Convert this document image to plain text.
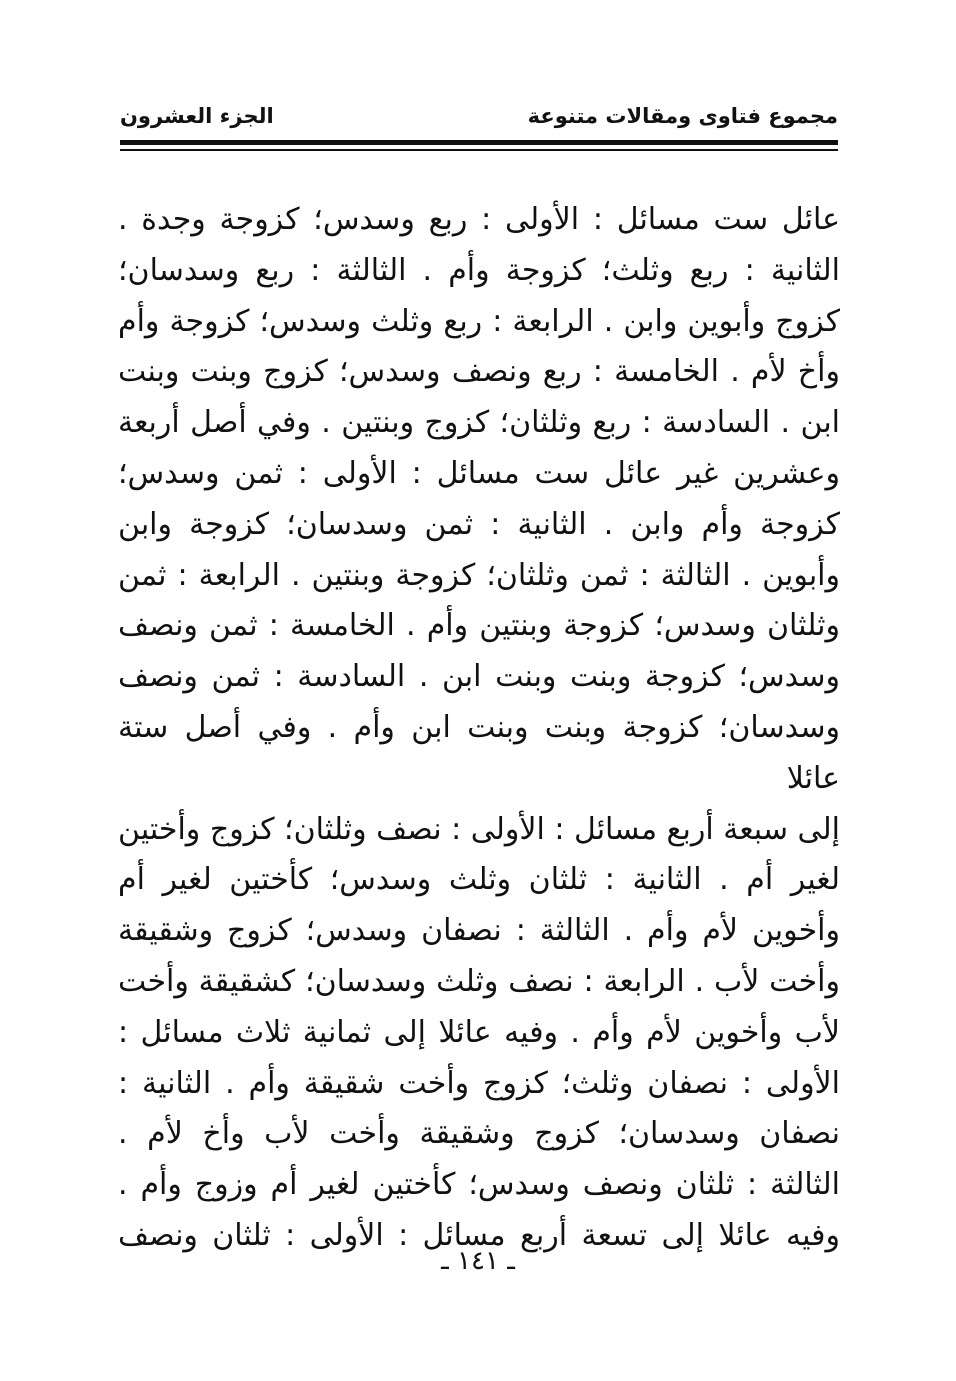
مجموع فتاوى ومقالات متنوعة
الجزء العشرون

عائل ست مسائل : الأولى : ربع وسدس؛ كزوجة وجدة .

الثانية : ربع وثلث؛ كزوجة وأم . الثالثة : ربع وسدسان؛

كزوج وأبوين وابن . الرابعة : ربع وثلث وسدس؛ كزوجة وأم

وأخ لأم . الخامسة : ربع ونصف وسدس؛ كزوج وبنت وبنت

ابن . السادسة : ربع وثلثان؛ كزوج وبنتين . وفي أصل أربعة

وعشرين غير عائل ست مسائل : الأولى : ثمن وسدس؛

كزوجة وأم وابن . الثانية : ثمن وسدسان؛ كزوجة وابن

وأبوين . الثالثة : ثمن وثلثان؛ كزوجة وبنتين . الرابعة : ثمن

وثلثان وسدس؛ كزوجة وبنتين وأم . الخامسة : ثمن ونصف

وسدس؛ كزوجة وبنت وبنت ابن . السادسة : ثمن ونصف

وسدسان؛ كزوجة وبنت وبنت ابن وأم . وفي أصل ستة عائلا

إلى سبعة أربع مسائل : الأولى : نصف وثلثان؛ كزوج وأختين

لغير أم . الثانية : ثلثان وثلث وسدس؛ كأختين لغير أم

وأخوين لأم وأم . الثالثة : نصفان وسدس؛ كزوج وشقيقة

وأخت لأب . الرابعة : نصف وثلث وسدسان؛ كشقيقة وأخت

لأب وأخوين لأم وأم . وفيه عائلا إلى ثمانية ثلاث مسائل :

الأولى : نصفان وثلث؛ كزوج وأخت شقيقة وأم . الثانية :

نصفان وسدسان؛ كزوج وشقيقة وأخت لأب وأخ لأم .

الثالثة : ثلثان ونصف وسدس؛ كأختين لغير أم وزوج وأم .

وفيه عائلا إلى تسعة أربع مسائل : الأولى : ثلثان ونصف

ـ ١٤١ ـ
